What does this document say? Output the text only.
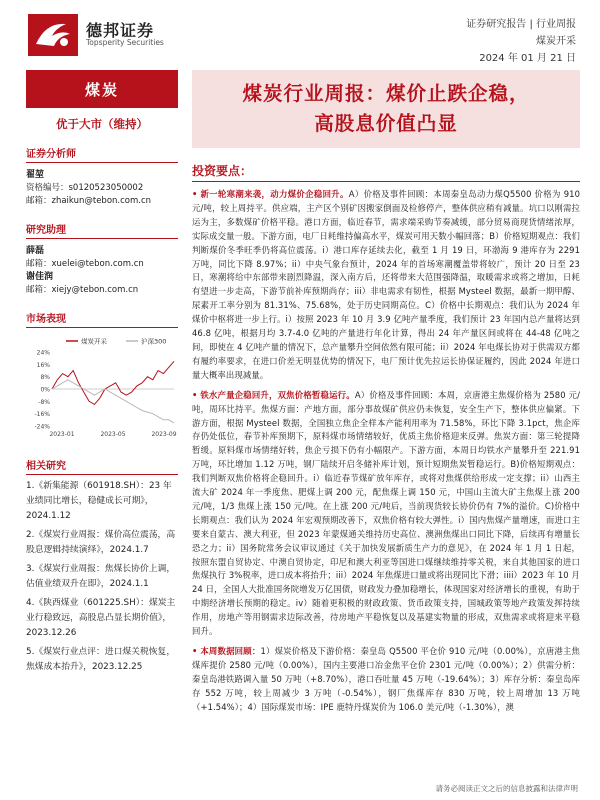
德邦证券
Topsperity Securities
证券研究报告 | 行业周报
煤炭开采
2024 年 01 月 21 日
煤炭
优于大市（维持）
证券分析师
翟堃
资格编号：s0120523050002
邮箱：zhaikun@tebon.com.cn
研究助理
薛磊
邮箱：xuelei@tebon.com.cn
谢佳润
邮箱：xiejy@tebon.com.cn
市场表现
24%
16%
8%
0%
-8%
-16%
-24%
2023-01	2023-05	2023-09
煤炭开采	沪深300
相关研究

1.《新集能源（601918.SH）：23 年业绩同比增长，稳健成长可期》，2024.1.12

2.《煤炭行业周报：煤价高位震荡，高股息逻辑持续演绎》，2024.1.7

3.《煤炭行业周报：焦煤长协价上调，估值业绩双升在即》，2024.1.1

4.《陕西煤业（601225.SH）：煤炭主业行稳致远，高股息凸显长期价值》，2023.12.26

5.《煤炭行业点评：进口煤关税恢复，焦煤成本抬升》，2023.12.25

煤炭行业周报：煤价止跌企稳，
高股息价值凸显
投资要点：

• 新一轮寒潮来袭，动力煤价企稳回升。A）价格及事件回顾：本周秦皇岛动力煤Q5500 价格为 910 元/吨，较上周持平。供应端，主产区个别矿因搬家倒面及检修停产，整体供应稍有减量。坑口以刚需拉运为主，多数煤矿价格平稳。港口方面，临近春节，需求端采购节奏减缓，部分贸易商现货情绪浓厚，实际成交量一般。下游方面，电厂日耗维持偏高水平，煤炭可用天数小幅回落；B）价格短期观点：我们判断煤价冬季旺季仍将高位震荡。i）港口库存延续去化，截至 1 月 19 日，环渤海 9 港库存为 2291 万吨，同比下降 8.97%；ii）中央气象台预计，2024 年的首场寒潮覆盖带将较广，预计 20 日至 23 日，寒潮将给中东部带来剧烈降温，深入南方后，还将带来大范围强降温，取暖需求或将之增加，日耗有望进一步走高，下游节前补库预期尚存；iii）非电需求有韧性，根据 Mysteel 数据，最新一期甲醇、尿素开工率分别为 81.31%、75.68%，处于历史同期高位。C）价格中长期观点：我们认为 2024 年煤价中枢将进一步上行。i）按照 2023 年 10 月 3.9 亿吨产量季度，我们预计 23 年国内总产量将达到 46.8 亿吨，根据月均 3.7-4.0 亿吨的产量进行年化计算，得出 24 年产量区间或将在 44-48 亿吨之间，即使在 4 亿吨产量的情况下，总产量攀升空间依然有限可能；ii）2024 年电煤长协对于供需双方都有履约率要求，在进口价差无明显优势的情况下，电厂预计优先拉运长协保证履约，因此 2024 年进口量大概率出现减量。

• 铁水产量企稳回升，双焦价格暂稳运行。A）价格及事件回顾：本周，京唐港主焦煤价格为 2580 元/吨，周环比持平。焦煤方面：产地方面，部分事故煤矿供应仍未恢复，安全生产下，整体供应偏紧。下游方面，根据 Mysteel 数据，全国独立焦企全样本产能利用率为 71.58%，环比下降 3.1pct，焦企库存仍处低位，春节补库预期下，原料煤市场情绪较好，优质主焦价格迎来反弹。焦炭方面：第三轮提降暂缓。原料煤市场情绪好转，焦企亏损下仍有小幅限产。下游方面，本周日均铁水产量攀升至 221.91 万吨，环比增加 1.12 万吨，钢厂陆续开启冬储补库计划，预计短期焦炭暂稳运行。B)价格短期观点：我们判断双焦价格将企稳回升。i）临近春节煤矿放年库存，或将对焦煤供给形成一定支撑；ii）山西主流大矿 2024 年一季度焦、肥煤上调 200 元，配焦煤上调 150 元，中国山主流大矿主焦煤上涨 200 元/吨，1/3 焦煤上涨 150 元/吨。在上涨 200 元/吨后，当前现货较长协价仍有 7%的溢价。C)价格中长期观点：我们认为 2024 年宏观预期改善下，双焦价格有较大弹性。i）国内焦煤产量增速，而进口主要来自蒙古、澳大利亚，但 2023 年蒙煤通关维持历史高位、澳洲焦煤出口同比下降，后续再有增量长恐之力；ii）国务院常务会议审议通过《关于加快发展新质生产力的意见》，在 2024 年 1 月 1 日起，按照东盟自贸协定、中澳自贸协定，印尼和澳大利亚等国进口煤继续维持零关税，来自其他国家的进口焦煤执行 3%税率，进口成本将抬升；iii）2024 年焦煤进口量或将出现同比下滑；iiii）2023 年 10 月 24 日，全国人大批准国务院增发万亿国债，财政发力叠加稳增长，体现国家对经济增长的重视，有助于中期经济增长预期的稳定。iv）随着更积极的财政政策、货币政策支持，国城政策等地产政策发挥持续作用，房地产等用钢需求边际改善，待房地产平稳恢复以及基建实物量的形成，双焦需求或将迎来平稳回升。

• 本周数据回顾：1）煤炭价格及下游价格：秦皇岛 Q5500 平仓价 910 元/吨（0.00%），京唐港主焦煤库提价 2580 元/吨（0.00%），国内主要港口冶金焦平仓价 2301 元/吨（0.00%）；2）供需分析：秦皇岛港铁路调入量 50 万吨（+8.70%），港口吞吐量 45 万吨（-19.64%）；3）库存分析：秦皇岛库存 552 万吨，较上周减少 3 万吨（-0.54%），钢厂焦煤库存 830 万吨，较上周增加 13 万吨（+1.54%）；4）国际煤炭市场：IPE 鹿特丹煤炭价为 106.0 美元/吨（-1.30%），澳

请务必阅读正文之后的信息披露和法律声明
